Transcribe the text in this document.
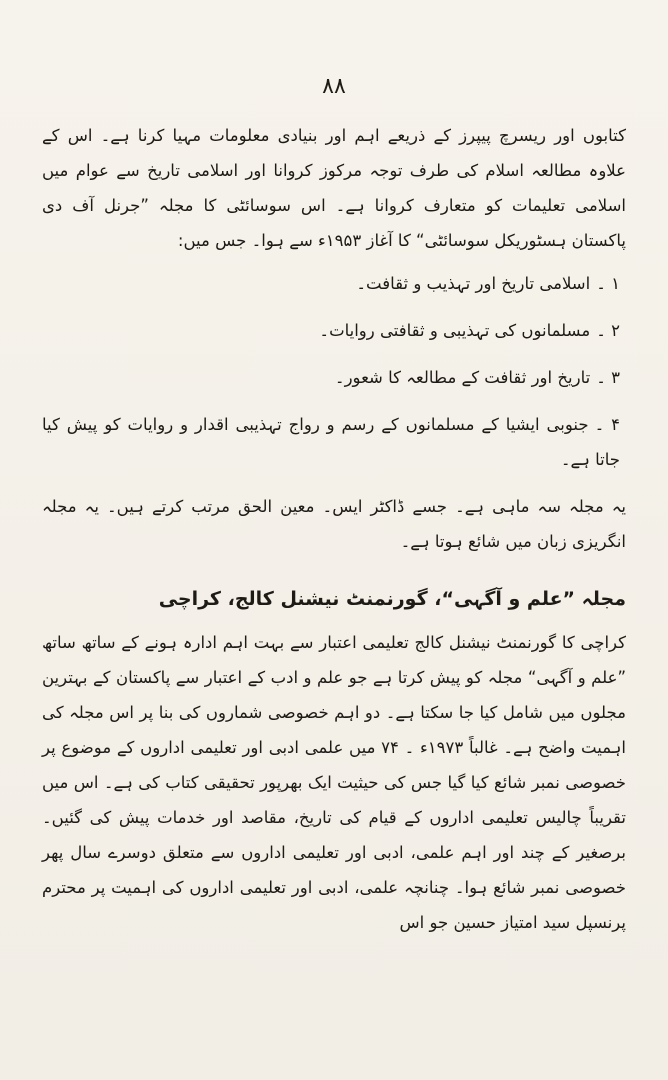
٨٨

کتابوں اور ریسرچ پیپرز کے ذریعے اہم اور بنیادی معلومات مہیا کرنا ہے۔ اس کے علاوہ مطالعہ اسلام کی طرف توجہ مرکوز کروانا اور اسلامی تاریخ سے عوام میں اسلامی تعلیمات کو متعارف کروانا ہے۔ اس سوسائٹی کا مجلہ ”جرنل آف دی پاکستان ہسٹوریکل سوسائٹی“ کا آغاز ۱۹۵۳ء سے ہوا۔ جس میں:

۱ ۔اسلامی تاریخ اور تہذیب و ثقافت۔
۲ ۔مسلمانوں کی تہذیبی و ثقافتی روایات۔
۳ ۔تاریخ اور ثقافت کے مطالعہ کا شعور۔
۴ ۔جنوبی ایشیا کے مسلمانوں کے رسم و رواج تہذیبی اقدار و روایات کو پیش کیا جاتا ہے۔

یہ مجلہ سہ ماہی ہے۔ جسے ڈاکٹر ایس۔ معین الحق مرتب کرتے ہیں۔ یہ مجلہ انگریزی زبان میں شائع ہوتا ہے۔

مجلہ ”علم و آگہی“، گورنمنٹ نیشنل کالج، کراچی

کراچی کا گورنمنٹ نیشنل کالج تعلیمی اعتبار سے بہت اہم ادارہ ہونے کے ساتھ ساتھ ”علم و آگہی“ مجلہ کو پیش کرتا ہے جو علم و ادب کے اعتبار سے پاکستان کے بہترین مجلوں میں شامل کیا جا سکتا ہے۔ دو اہم خصوصی شماروں کی بنا پر اس مجلہ کی اہمیت واضح ہے۔ غالباً ۱۹۷۳ء ۔ ۷۴ میں علمی ادبی اور تعلیمی اداروں کے موضوع پر خصوصی نمبر شائع کیا گیا جس کی حیثیت ایک بھرپور تحقیقی کتاب کی ہے۔ اس میں تقریباً چالیس تعلیمی اداروں کے قیام کی تاریخ، مقاصد اور خدمات پیش کی گئیں۔ برصغیر کے چند اور اہم علمی، ادبی اور تعلیمی اداروں سے متعلق دوسرے سال پھر خصوصی نمبر شائع ہوا۔ چنانچہ علمی، ادبی اور تعلیمی اداروں کی اہمیت پر محترم پرنسپل سید امتیاز حسین جو اس
